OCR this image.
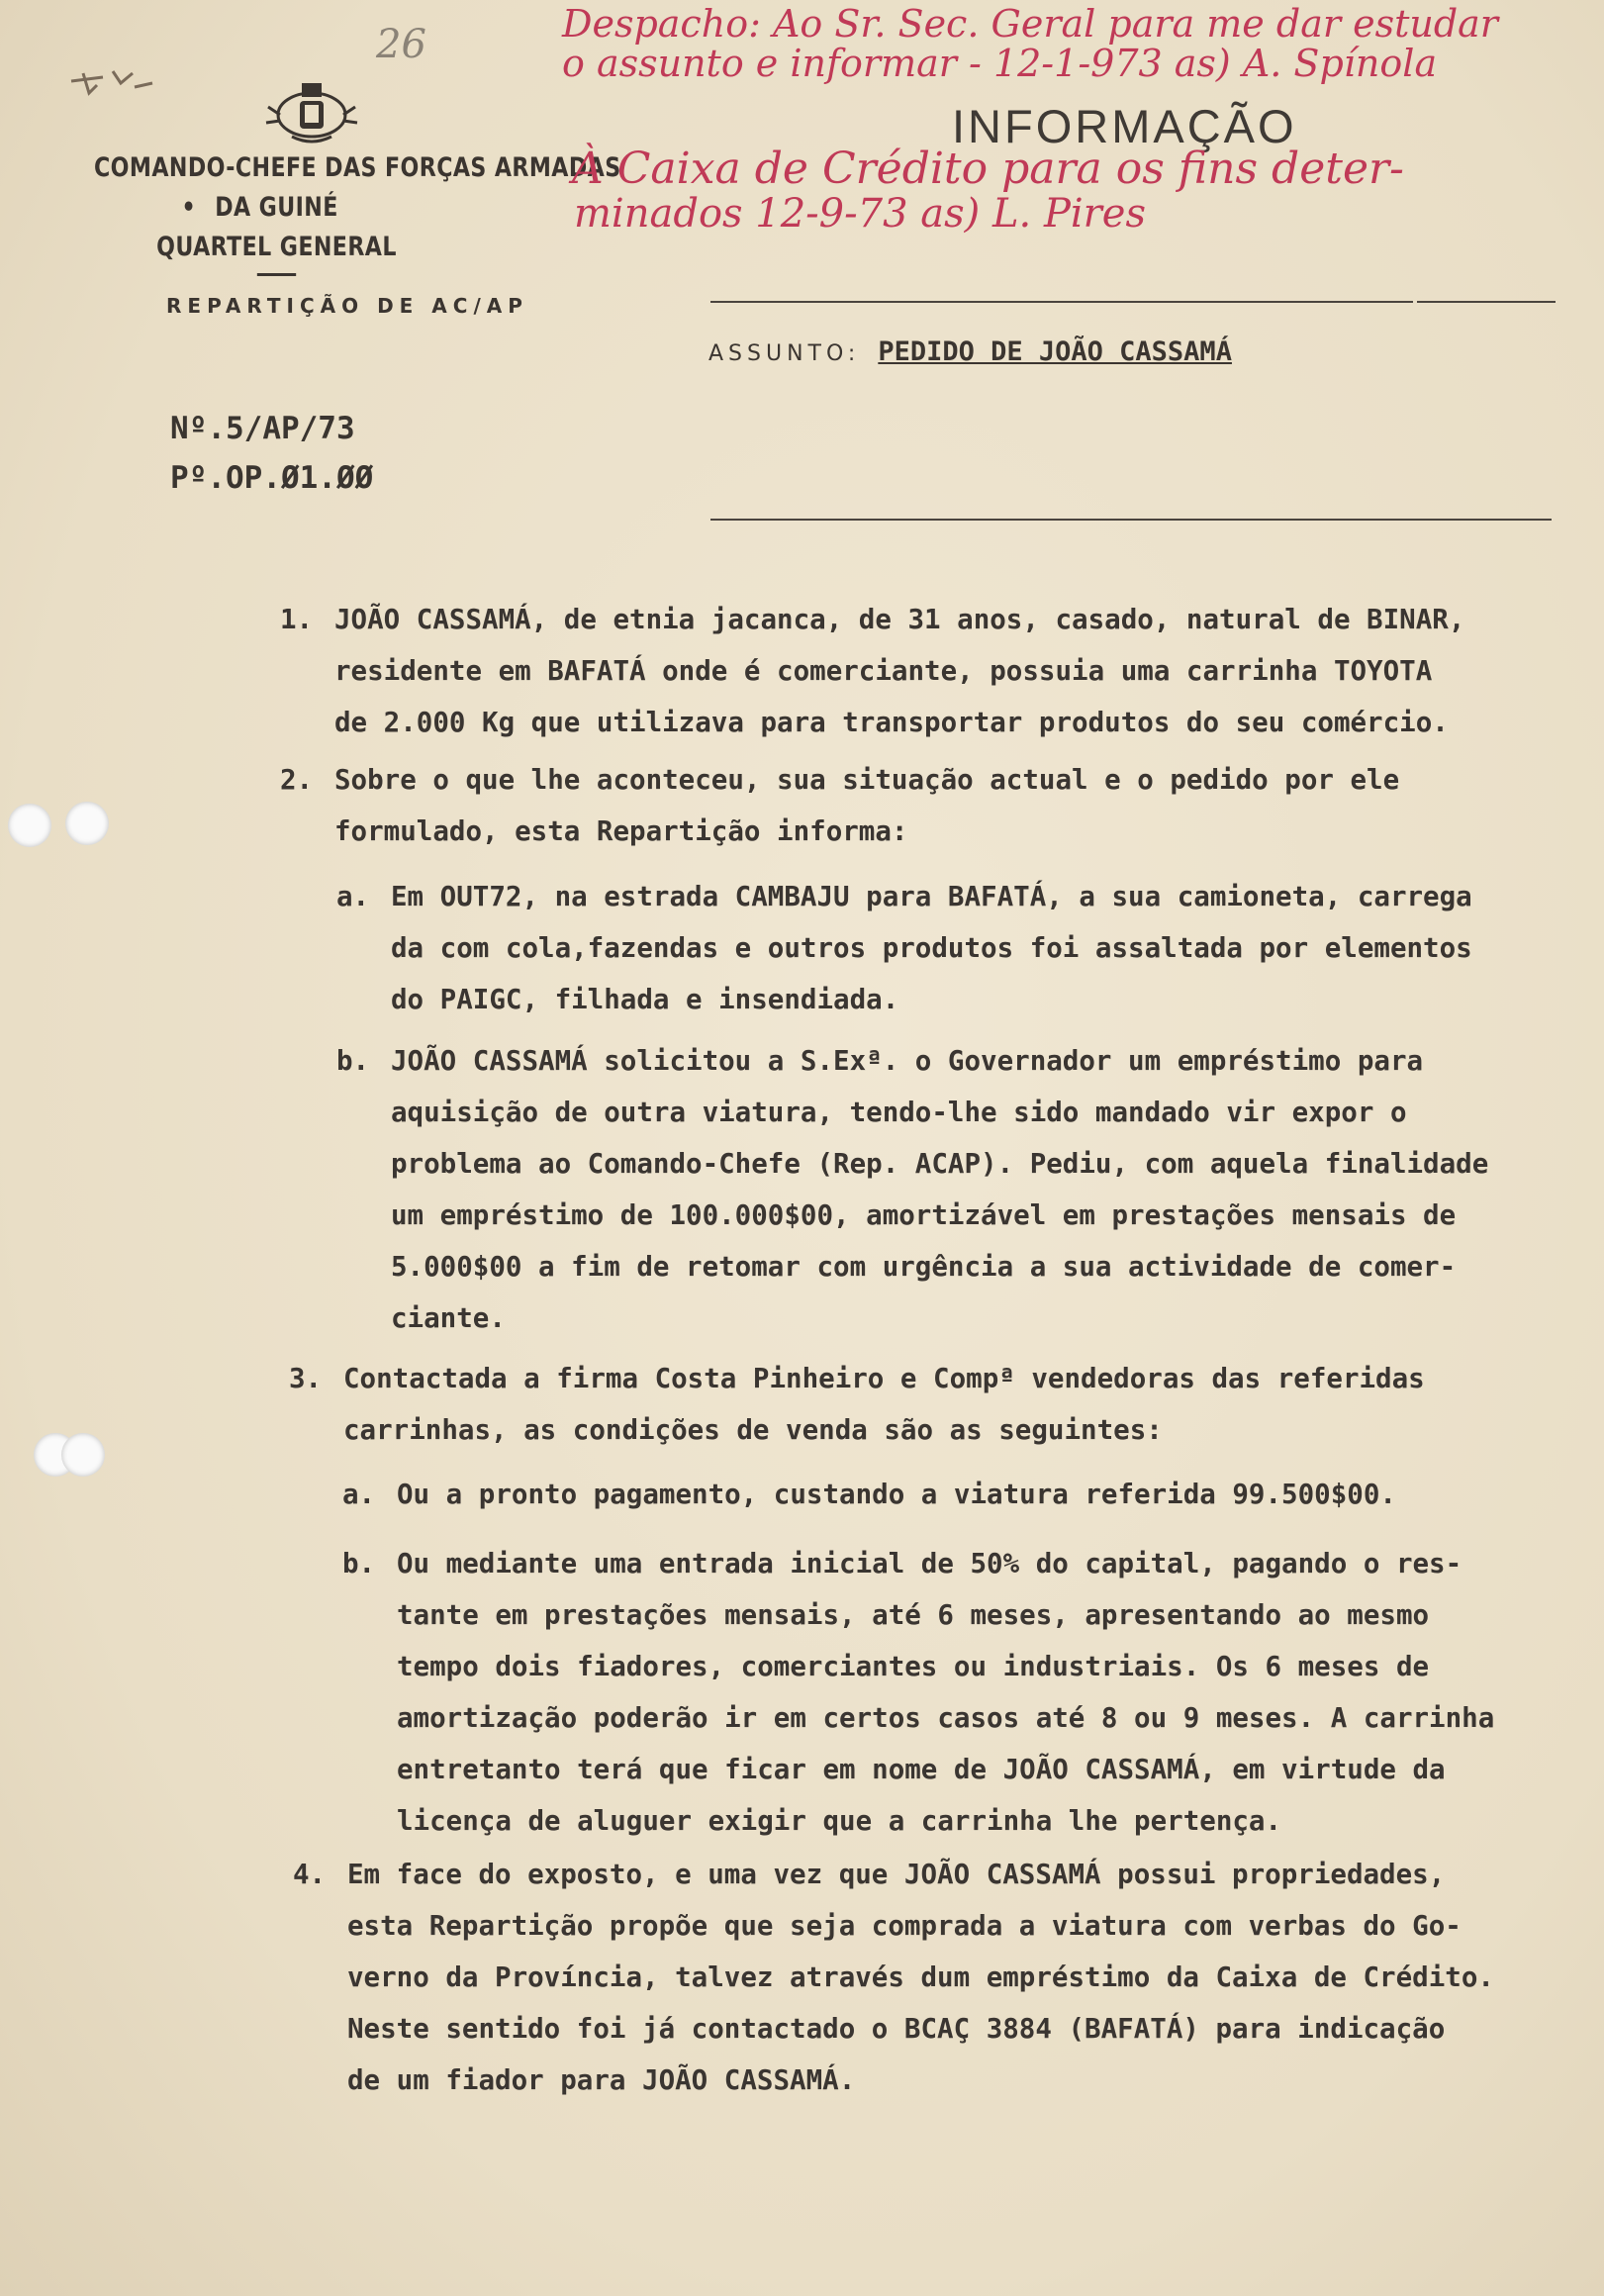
26
COMANDO-CHEFE DAS FORÇAS ARMADAS
• DA GUINÉ
QUARTEL GENERAL
REPARTIÇÃO DE AC/AP
Nº.5/AP/73
Pº.OP.Ø1.ØØ
INFORMAÇÃO
Despacho: Ao Sr. Sec. Geral para me dar estudar
o assunto e informar - 12-1-973 as) A. Spínola
À Caixa de Crédito para os fins deter-
minados 12-9-73 as) L. Pires
ASSUNTO: PEDIDO DE JOÃO CASSAMÁ
1. JOÃO CASSAMÁ, de etnia jacanca, de 31 anos, casado, natural de BINAR,
residente em BAFATÁ onde é comerciante, possuia uma carrinha TOYOTA
de 2.000 Kg que utilizava para transportar produtos do seu comércio.
2. Sobre o que lhe aconteceu, sua situação actual e o pedido por ele
formulado, esta Repartição informa:
a. Em OUT72, na estrada CAMBAJU para BAFATÁ, a sua camioneta, carrega
da com cola,fazendas e outros produtos foi assaltada por elementos
do PAIGC, filhada e insendiada.
b. JOÃO CASSAMÁ solicitou a S.Exª. o Governador um empréstimo para
aquisição de outra viatura, tendo-lhe sido mandado vir expor o
problema ao Comando-Chefe (Rep. ACAP). Pediu, com aquela finalidade
um empréstimo de 100.000$00, amortizável em prestações mensais de
5.000$00 a fim de retomar com urgência a sua actividade de comer-
ciante.
3. Contactada a firma Costa Pinheiro e Compª vendedoras das referidas
carrinhas, as condições de venda são as seguintes:
a. Ou a pronto pagamento, custando a viatura referida 99.500$00.
b. Ou mediante uma entrada inicial de 50% do capital, pagando o res-
tante em prestações mensais, até 6 meses, apresentando ao mesmo
tempo dois fiadores, comerciantes ou industriais. Os 6 meses de
amortização poderão ir em certos casos até 8 ou 9 meses. A carrinha
entretanto terá que ficar em nome de JOÃO CASSAMÁ, em virtude da
licença de aluguer exigir que a carrinha lhe pertença.
4. Em face do exposto, e uma vez que JOÃO CASSAMÁ possui propriedades,
esta Repartição propõe que seja comprada a viatura com verbas do Go-
verno da Província, talvez através dum empréstimo da Caixa de Crédito.
Neste sentido foi já contactado o BCAÇ 3884 (BAFATÁ) para indicação
de um fiador para JOÃO CASSAMÁ.
